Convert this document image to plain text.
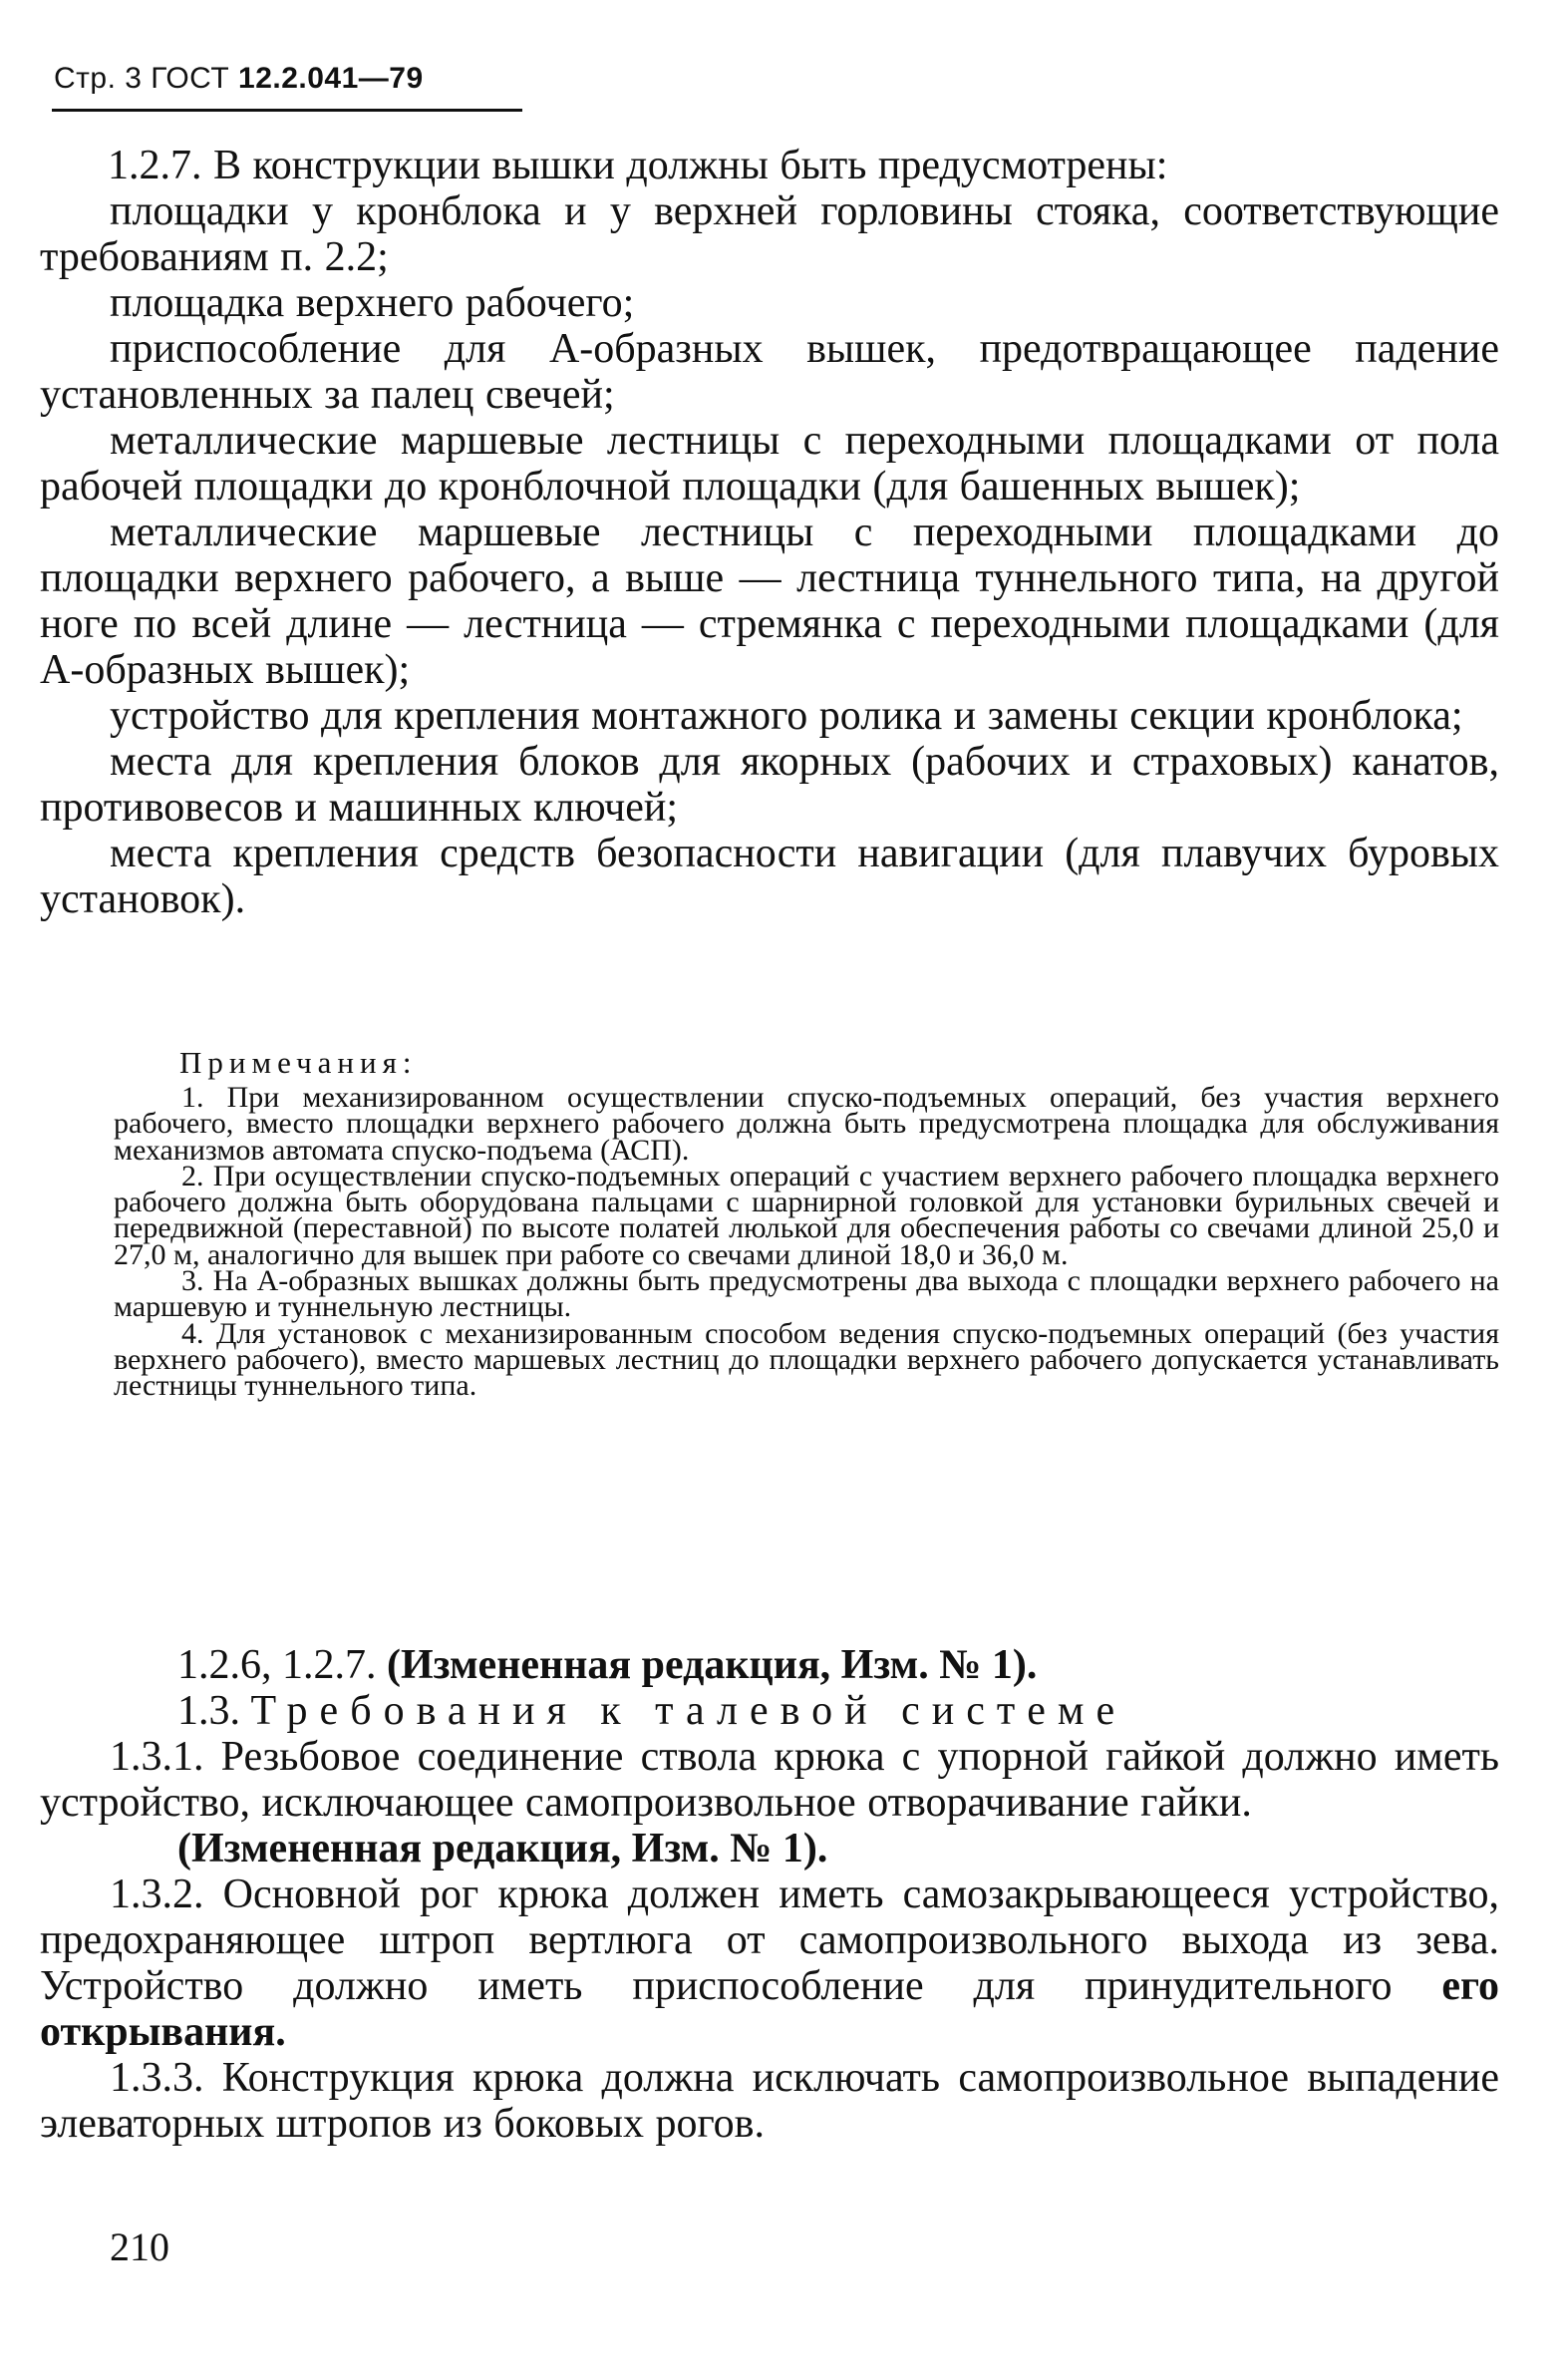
Стр. 3 ГОСТ 12.2.041—79

1.2.7. В конструкции вышки должны быть предусмотрены:

площадки у кронблока и у верхней горловины стояка, соответствующие требованиям п. 2.2;

площадка верхнего рабочего;

приспособление для А-образных вышек, предотвращающее падение установленных за палец свечей;

металлические маршевые лестницы с переходными площадками от пола рабочей площадки до кронблочной площадки (для башенных вышек);

металлические маршевые лестницы с переходными площадками до площадки верхнего рабочего, а выше — лестница туннельного типа, на другой ноге по всей длине — лестница — стремянка с переходными площадками (для А-образных вышек);

устройство для крепления монтажного ролика и замены секции кронблока;

места для крепления блоков для якорных (рабочих и страховых) канатов, противовесов и машинных ключей;

места крепления средств безопасности навигации (для плавучих буровых установок).

Примечания:

1. При механизированном осуществлении спуско-подъемных операций, без участия верхнего рабочего, вместо площадки верхнего рабочего должна быть предусмотрена площадка для обслуживания механизмов автомата спуско-подъема (АСП).

2. При осуществлении спуско-подъемных операций с участием верхнего рабочего площадка верхнего рабочего должна быть оборудована пальцами с шарнирной головкой для установки бурильных свечей и передвижной (переставной) по высоте полатей люлькой для обеспечения работы со свечами длиной 25,0 и 27,0 м, аналогично для вышек при работе со свечами длиной 18,0 и 36,0 м.

3. На А-образных вышках должны быть предусмотрены два выхода с площадки верхнего рабочего на маршевую и туннельную лестницы.

4. Для установок с механизированным способом ведения спуско-подъемных операций (без участия верхнего рабочего), вместо маршевых лестниц до площадки верхнего рабочего допускается устанавливать лестницы туннельного типа.

1.2.6, 1.2.7. (Измененная редакция, Изм. № 1).

1.3. Требования к талевой системе

1.3.1. Резьбовое соединение ствола крюка с упорной гайкой должно иметь устройство, исключающее самопроизвольное отворачивание гайки.

(Измененная редакция, Изм. № 1).

1.3.2. Основной рог крюка должен иметь самозакрывающееся устройство, предохраняющее штроп вертлюга от самопроизвольного выхода из зева. Устройство должно иметь приспособление для принудительного его открывания.

1.3.3. Конструкция крюка должна исключать самопроизвольное выпадение элеваторных штропов из боковых рогов.

210
